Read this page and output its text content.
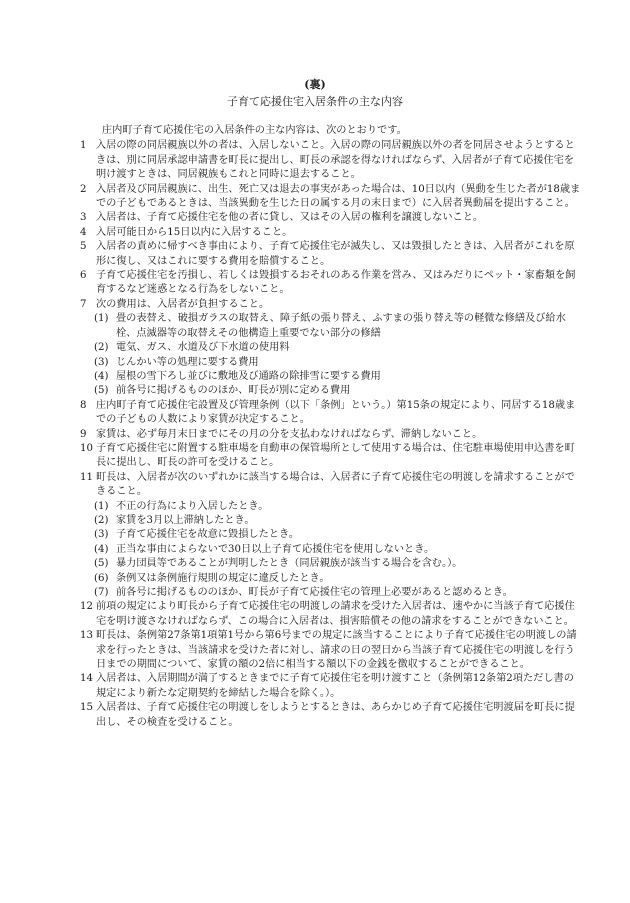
(裏)
子育て応援住宅入居条件の主な内容

庄内町子育て応援住宅の入居条件の主な内容は、次のとおりです。

1 入居の際の同居親族以外の者は、入居しないこと。入居の際の同居親族以外の者を同居させようとするときは、別に同居承認申請書を町長に提出し、町長の承認を得なければならず、入居者が子育て応援住宅を明け渡すときは、同居親族もこれと同時に退去すること。
2 入居者及び同居親族に、出生、死亡又は退去の事実があった場合は、10日以内（異動を生じた者が18歳までの子どもであるときは、当該異動を生じた日の属する月の末日まで）に入居者異動届を提出すること。
3 入居者は、子育て応援住宅を他の者に貸し、又はその入居の権利を譲渡しないこと。
4 入居可能日から15日以内に入居すること。
5 入居者の責めに帰すべき事由により、子育て応援住宅が滅失し、又は毀損したときは、入居者がこれを原形に復し、又はこれに要する費用を賠償すること。
6 子育て応援住宅を汚損し、若しくは毀損するおそれのある作業を営み、又はみだりにペット・家畜類を飼育するなど迷惑となる行為をしないこと。
7 次の費用は、入居者が負担すること。
(1) 畳の表替え、破損ガラスの取替え、障子紙の張り替え、ふすまの張り替え等の軽微な修繕及び給水栓、点滅器等の取替えその他構造上重要でない部分の修繕
(2) 電気、ガス、水道及び下水道の使用料
(3) じんかい等の処理に要する費用
(4) 屋根の雪下ろし並びに敷地及び通路の除排雪に要する費用
(5) 前各号に掲げるもののほか、町長が別に定める費用
8 庄内町子育て応援住宅設置及び管理条例（以下「条例」という。）第15条の規定により、同居する18歳までの子どもの人数により家賃が決定すること。
9 家賃は、必ず毎月末日までにその月の分を支払わなければならず、滞納しないこと。
10 子育て応援住宅に附置する駐車場を自動車の保管場所として使用する場合は、住宅駐車場使用申込書を町長に提出し、町長の許可を受けること。
11 町長は、入居者が次のいずれかに該当する場合は、入居者に子育て応援住宅の明渡しを請求することができること。
(1) 不正の行為により入居したとき。
(2) 家賃を3月以上滞納したとき。
(3) 子育て応援住宅を故意に毀損したとき。
(4) 正当な事由によらないで30日以上子育て応援住宅を使用しないとき。
(5) 暴力団員等であることが判明したとき（同居親族が該当する場合を含む。）。
(6) 条例又は条例施行規則の規定に違反したとき。
(7) 前各号に掲げるもののほか、町長が子育て応援住宅の管理上必要があると認めるとき。
12 前項の規定により町長から子育て応援住宅の明渡しの請求を受けた入居者は、速やかに当該子育て応援住宅を明け渡さなければならず、この場合に入居者は、損害賠償その他の請求をすることができないこと。
13 町長は、条例第27条第1項第1号から第6号までの規定に該当することにより子育て応援住宅の明渡しの請求を行ったときは、当該請求を受けた者に対し、請求の日の翌日から当該子育て応援住宅の明渡しを行う日までの期間について、家賃の額の2倍に相当する額以下の金銭を徴収することができること。
14 入居者は、入居期間が満了するときまでに子育て応援住宅を明け渡すこと（条例第12条第2項ただし書の規定により新たな定期契約を締結した場合を除く。）。
15 入居者は、子育て応援住宅の明渡しをしようとするときは、あらかじめ子育て応援住宅明渡届を町長に提出し、その検査を受けること。
